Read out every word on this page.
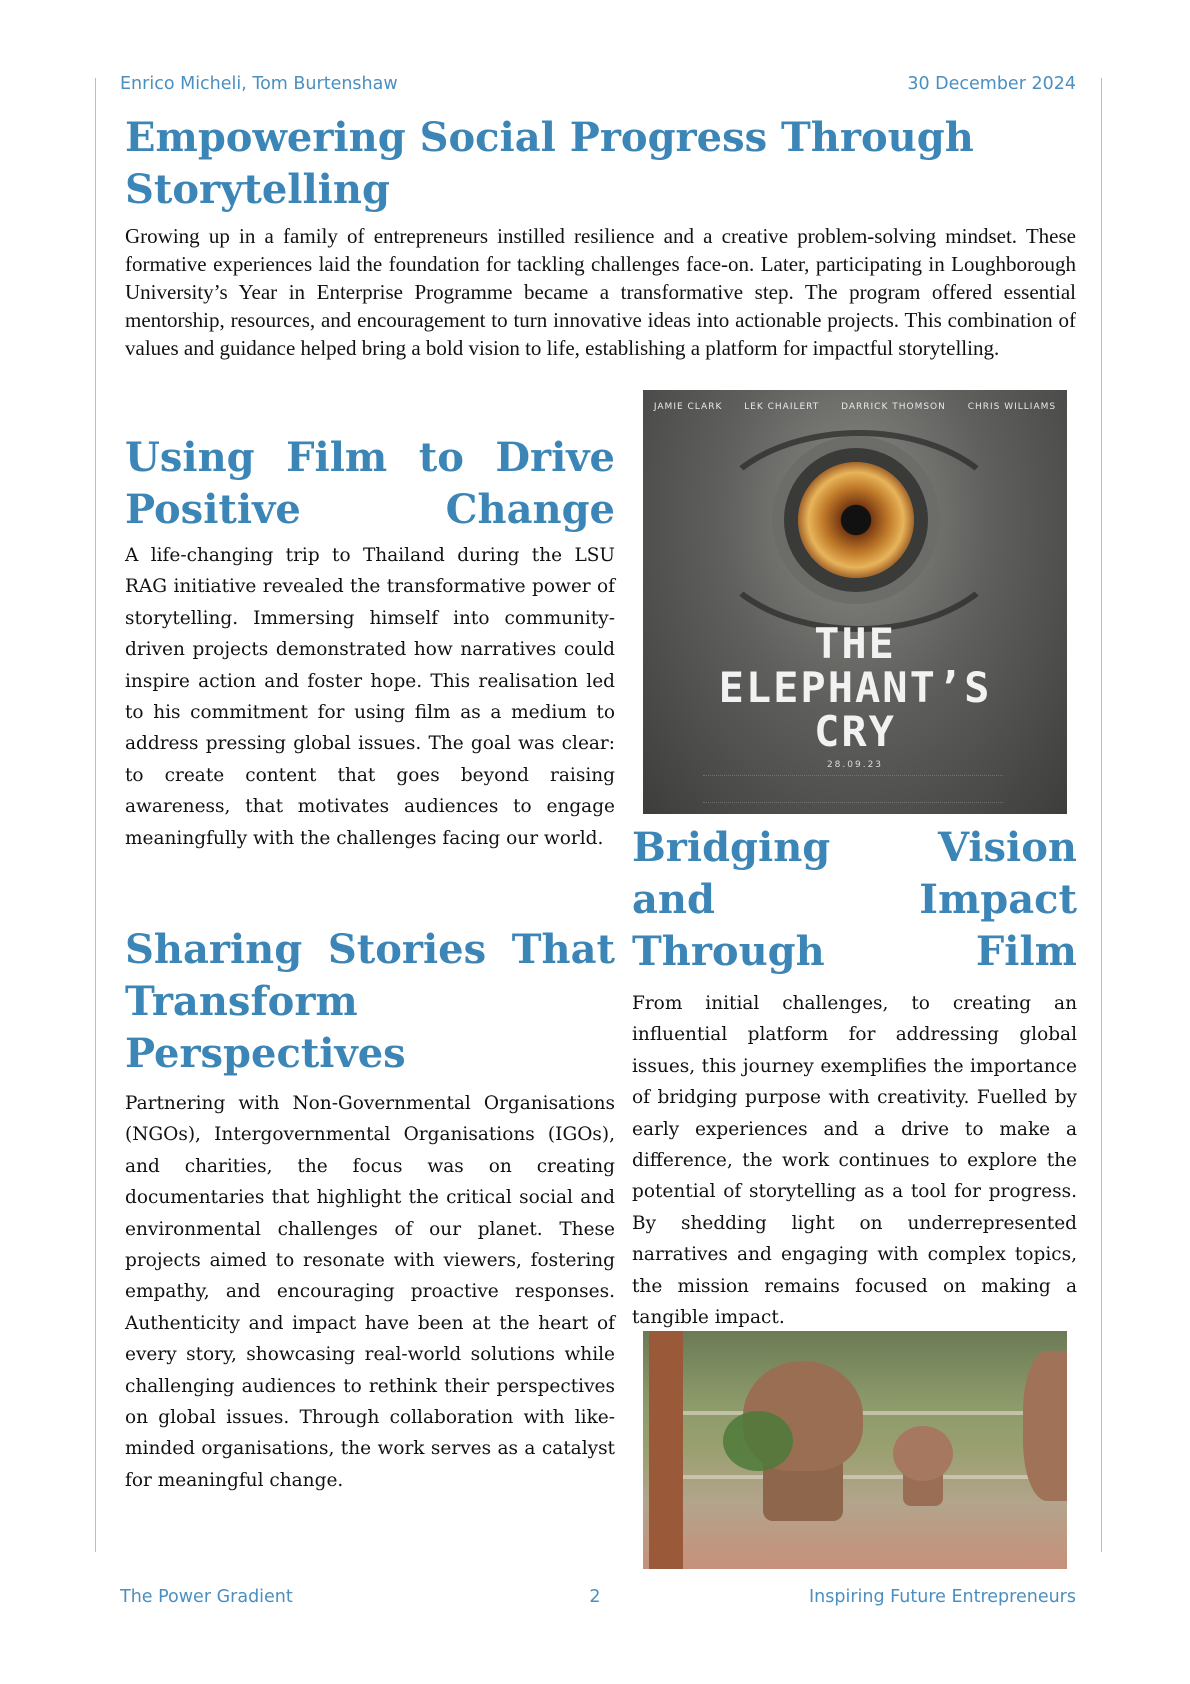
Enrico Micheli, Tom Burtenshaw	30 December 2024
Empowering Social Progress Through Storytelling

Growing up in a family of entrepreneurs instilled resilience and a creative problem-solving mindset. These formative experiences laid the foundation for tackling challenges face-on. Later, participating in Loughborough University’s Year in Enterprise Programme became a transformative step. The program offered essential mentorship, resources, and encouragement to turn innovative ideas into actionable projects. This combination of values and guidance helped bring a bold vision to life, establishing a platform for impactful storytelling.

Using Film to Drive Positive Change

A life-changing trip to Thailand during the LSU RAG initiative revealed the transformative power of storytelling. Immersing himself into community-driven projects demonstrated how narratives could inspire action and foster hope. This realisation led to his commitment for using film as a medium to address pressing global issues. The goal was clear: to create content that goes beyond raising awareness, that motivates audiences to engage meaningfully with the challenges facing our world.

JAMIE CLARK LEK CHAILERT DARRICK THOMSON CHRIS WILLIAMS
THE
ELEPHANT’S
CRY
28.09.23
Bridging Vision and Impact Through Film

From initial challenges, to creating an influential platform for addressing global issues, this journey exemplifies the importance of bridging purpose with creativity. Fuelled by early experiences and a drive to make a difference, the work continues to explore the potential of storytelling as a tool for progress. By shedding light on underrepresented narratives and engaging with complex topics, the mission remains focused on making a tangible impact.

Sharing Stories That Transform Perspectives

Partnering with Non-Governmental Organisations (NGOs), Intergovernmental Organisations (IGOs), and charities, the focus was on creating documentaries that highlight the critical social and environmental challenges of our planet. These projects aimed to resonate with viewers, fostering empathy, and encouraging proactive responses. Authenticity and impact have been at the heart of every story, showcasing real-world solutions while challenging audiences to rethink their perspectives on global issues. Through collaboration with like-minded organisations, the work serves as a catalyst for meaningful change.

The Power Gradient	2	Inspiring Future Entrepreneurs
